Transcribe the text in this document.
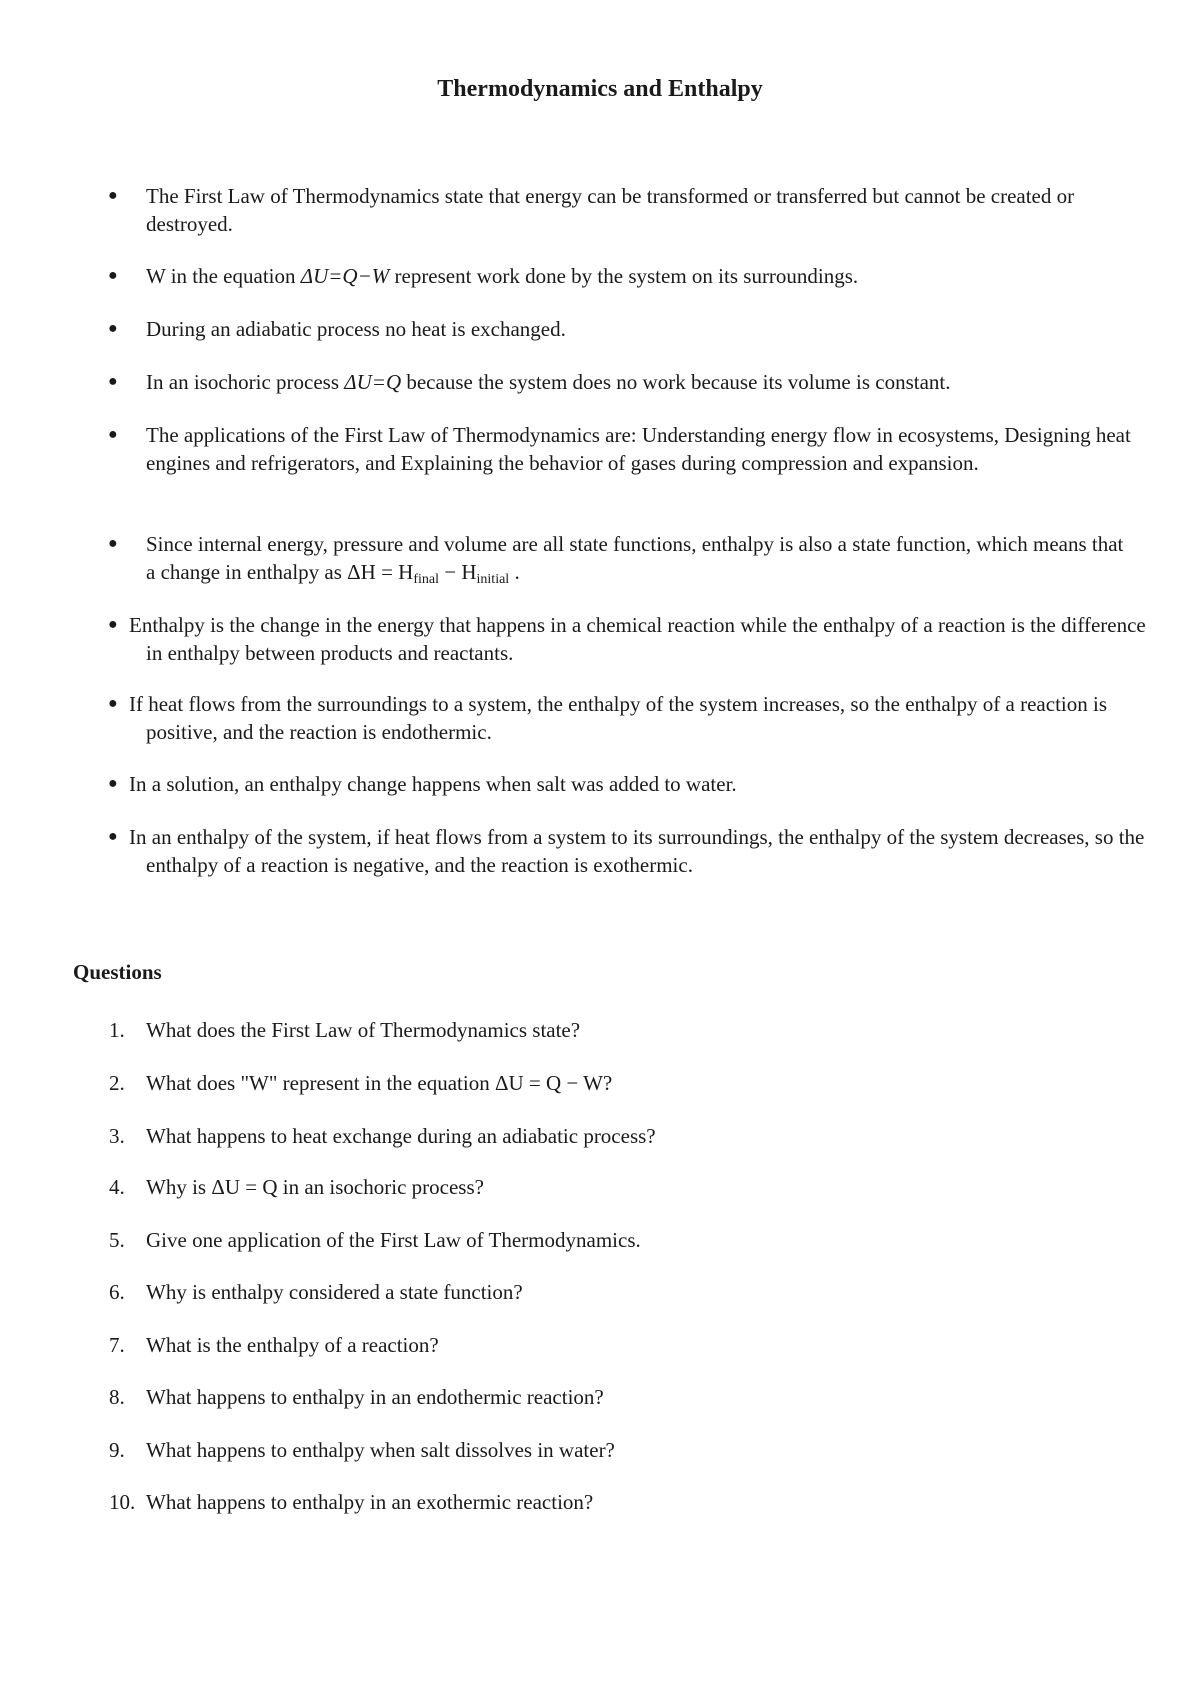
Thermodynamics and Enthalpy
● The First Law of Thermodynamics state that energy can be transformed or transferred but cannot be created or destroyed.
● W in the equation ΔU=Q−W represent work done by the system on its surroundings.
● During an adiabatic process no heat is exchanged.
● In an isochoric process ΔU=Q because the system does no work because its volume is constant.
● The applications of the First Law of Thermodynamics are: Understanding energy flow in ecosystems, Designing heat engines and refrigerators, and Explaining the behavior of gases during compression and expansion.
● Since internal energy, pressure and volume are all state functions, enthalpy is also a state function, which means that a change in enthalpy as $\Delta H = H_{final} - H_{initial}$ .
● Enthalpy is the change in the energy that happens in a chemical reaction while the enthalpy of a reaction is the difference in enthalpy between products and reactants.
● If heat flows from the surroundings to a system, the enthalpy of the system increases, so the enthalpy of a reaction is positive, and the reaction is endothermic.
● In a solution, an enthalpy change happens when salt was added to water.
● In an enthalpy of the system, if heat flows from a system to its surroundings, the enthalpy of the system decreases, so the enthalpy of a reaction is negative, and the reaction is exothermic.
Questions
1.	What does the First Law of Thermodynamics state?
2.	What does "W" represent in the equation ΔU = Q − W?
3.	What happens to heat exchange during an adiabatic process?
4.	Why is ΔU = Q in an isochoric process?
5.	Give one application of the First Law of Thermodynamics.
6.	Why is enthalpy considered a state function?
7.	What is the enthalpy of a reaction?
8.	What happens to enthalpy in an endothermic reaction?
9.	What happens to enthalpy when salt dissolves in water?
10. What happens to enthalpy in an exothermic reaction?
